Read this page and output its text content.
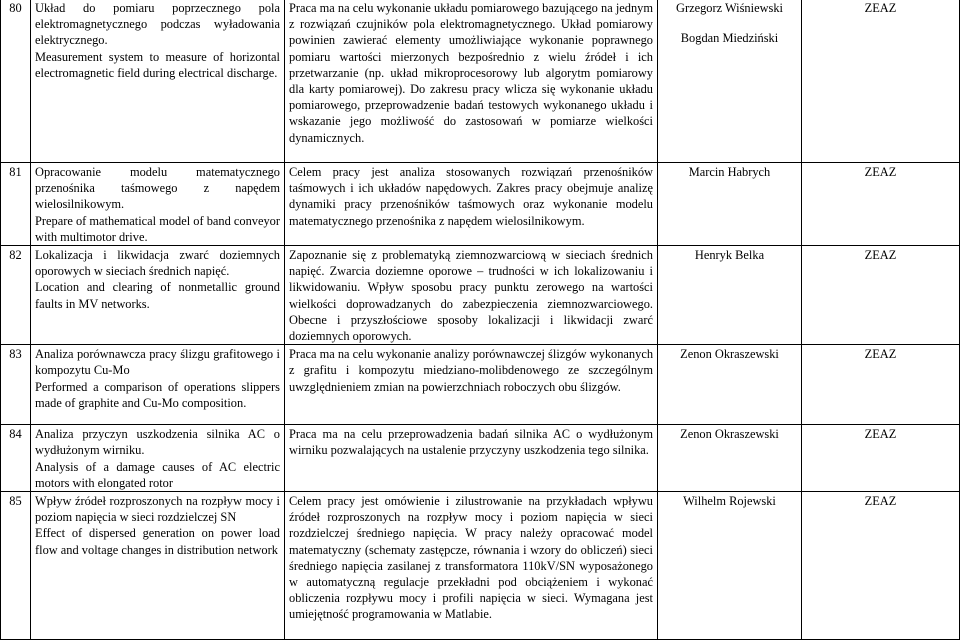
80	Układ do pomiaru poprzecznego pola elektromagnetycznego podczas wyładowania elektrycznego.
Measurement system to measure of horizontal electromagnetic field during electrical discharge.	Praca ma na celu wykonanie układu pomiarowego bazującego na jednym z rozwiązań czujników pola elektromagnetycznego. Układ pomiarowy powinien zawierać elementy umożliwiające wykonanie poprawnego pomiaru wartości mierzonych bezpośrednio z wielu źródeł i ich przetwarzanie (np. układ mikroprocesorowy lub algorytm pomiarowy dla karty pomiarowej). Do zakresu pracy wlicza się wykonanie układu pomiarowego, przeprowadzenie badań testowych wykonanego układu i wskazanie jego możliwość do zastosowań w pomiarze wielkości dynamicznych.	Grzegorz Wiśniewski
Bogdan Miedziński	ZEAZ
81	Opracowanie modelu matematycznego przenośnika taśmowego z napędem wielosilnikowym.
Prepare of mathematical model of band conveyor with multimotor drive.	Celem pracy jest analiza stosowanych rozwiązań przenośników taśmowych i ich układów napędowych. Zakres pracy obejmuje analizę dynamiki pracy przenośników taśmowych oraz wykonanie modelu matematycznego przenośnika z napędem wielosilnikowym.	Marcin Habrych	ZEAZ
82	Lokalizacja i likwidacja zwarć doziemnych oporowych w sieciach średnich napięć.
Location and clearing of nonmetallic ground faults in MV networks.	Zapoznanie się z problematyką ziemnozwarciową w sieciach średnich napięć. Zwarcia doziemne oporowe – trudności w ich lokalizowaniu i likwidowaniu. Wpływ sposobu pracy punktu zerowego na wartości wielkości doprowadzanych do zabezpieczenia ziemnozwarciowego. Obecne i przyszłościowe sposoby lokalizacji i likwidacji zwarć doziemnych oporowych.	Henryk Belka	ZEAZ
83	Analiza porównawcza pracy ślizgu grafitowego i kompozytu Cu-Mo
Performed a comparison of operations slippers made of graphite and Cu-Mo composition.	Praca ma na celu wykonanie analizy porównawczej ślizgów wykonanych z grafitu i kompozytu miedziano-molibdenowego ze szczególnym uwzględnieniem zmian na powierzchniach roboczych obu ślizgów.	Zenon Okraszewski	ZEAZ
84	Analiza przyczyn uszkodzenia silnika AC o wydłużonym wirniku.
Analysis of a damage causes of AC electric motors with elongated rotor	Praca ma na celu przeprowadzenia badań silnika AC o wydłużonym wirniku pozwalających na ustalenie przyczyny uszkodzenia tego silnika.	Zenon Okraszewski	ZEAZ
85	Wpływ źródeł rozproszonych na rozpływ mocy i poziom napięcia w sieci rozdzielczej SN
Effect of dispersed generation on power load flow and voltage changes in distribution network	Celem pracy jest omówienie i zilustrowanie na przykładach wpływu źródeł rozproszonych na rozpływ mocy i poziom napięcia w sieci rozdzielczej średniego napięcia. W pracy należy opracować model matematyczny (schematy zastępcze, równania i wzory do obliczeń) sieci średniego napięcia zasilanej z transformatora 110kV/SN wyposażonego w automatyczną regulacje przekładni pod obciążeniem i wykonać obliczenia rozpływu mocy i profili napięcia w sieci. Wymagana jest umiejętność programowania w Matlabie.	Wilhelm Rojewski	ZEAZ
